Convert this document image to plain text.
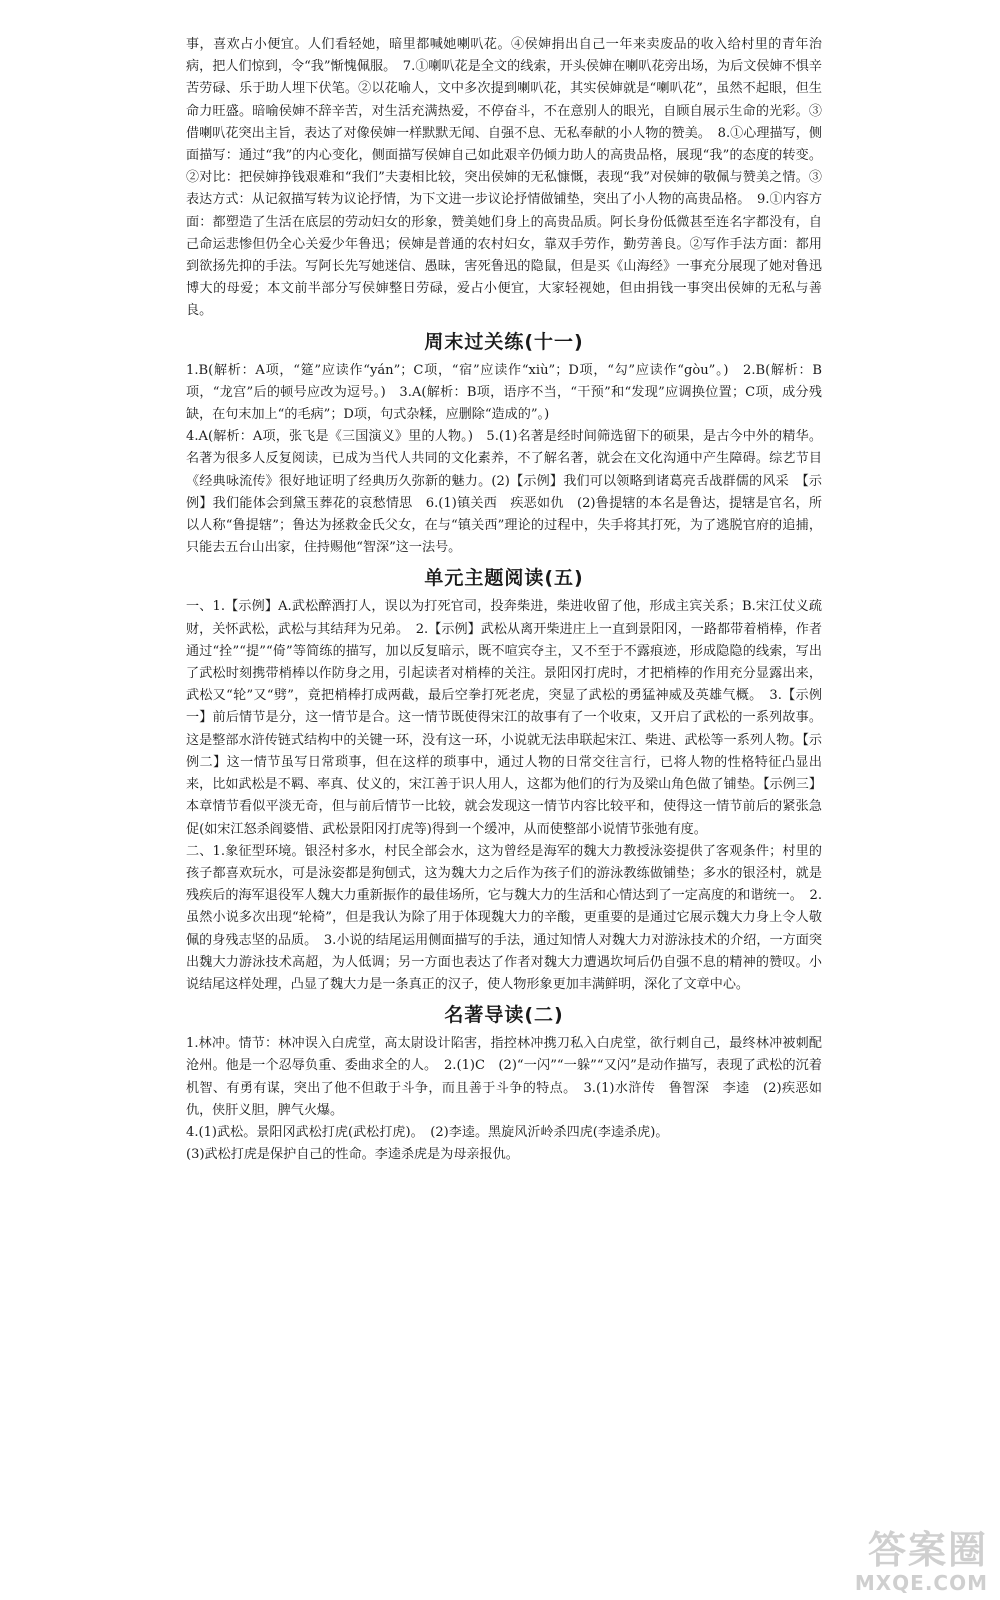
事，喜欢占小便宜。人们看轻她，暗里都喊她喇叭花。④侯婶捐出自己一年来卖废品的收入给村里的青年治病，把人们惊到，令“我”惭愧佩服。　7.①喇叭花是全文的线索，开头侯婶在喇叭花旁出场，为后文侯婶不惧辛苦劳碌、乐于助人埋下伏笔。②以花喻人，文中多次提到喇叭花，其实侯婶就是“喇叭花”，虽然不起眼，但生命力旺盛。暗喻侯婶不辞辛苦，对生活充满热爱，不停奋斗，不在意别人的眼光，自顾自展示生命的光彩。③借喇叭花突出主旨，表达了对像侯婶一样默默无闻、自强不息、无私奉献的小人物的赞美。　8.①心理描写，侧面描写：通过“我”的内心变化，侧面描写侯婶自己如此艰辛仍倾力助人的高贵品格，展现“我”的态度的转变。②对比：把侯婶挣钱艰难和“我们”夫妻相比较，突出侯婶的无私慷慨，表现“我”对侯婶的敬佩与赞美之情。③表达方式：从记叙描写转为议论抒情，为下文进一步议论抒情做铺垫，突出了小人物的高贵品格。　9.①内容方面：都塑造了生活在底层的劳动妇女的形象，赞美她们身上的高贵品质。阿长身份低微甚至连名字都没有，自己命运悲惨但仍全心关爱少年鲁迅；侯婶是普通的农村妇女，靠双手劳作，勤劳善良。②写作手法方面：都用到欲扬先抑的手法。写阿长先写她迷信、愚昧，害死鲁迅的隐鼠，但是买《山海经》一事充分展现了她对鲁迅博大的母爱；本文前半部分写侯婶整日劳碌，爱占小便宜，大家轻视她，但由捐钱一事突出侯婶的无私与善良。

周末过关练(十一)

1.B(解析：A项，“筵”应读作“yán”；C项，“宿”应读作“xiù”；D项，“勾”应读作“gòu”。)　2.B(解析：B项，“龙宫”后的顿号应改为逗号。)　3.A(解析：B项，语序不当，“干预”和“发现”应调换位置；C项，成分残缺，在句末加上“的毛病”；D项，句式杂糅，应删除“造成的”。)

4.A(解析：A项，张飞是《三国演义》里的人物。)　5.(1)名著是经时间筛选留下的硕果，是古今中外的精华。名著为很多人反复阅读，已成为当代人共同的文化素养，不了解名著，就会在文化沟通中产生障碍。综艺节目《经典咏流传》很好地证明了经典历久弥新的魅力。(2)【示例】我们可以领略到诸葛亮舌战群儒的风采　【示例】我们能体会到黛玉葬花的哀愁情思　6.(1)镇关西　疾恶如仇　(2)鲁提辖的本名是鲁达，提辖是官名，所以人称“鲁提辖”；鲁达为拯救金氏父女，在与“镇关西”理论的过程中，失手将其打死，为了逃脱官府的追捕，只能去五台山出家，住持赐他“智深”这一法号。

单元主题阅读(五)

一、1.【示例】A.武松醉酒打人，误以为打死官司，投奔柴进，柴进收留了他，形成主宾关系；B.宋江仗义疏财，关怀武松，武松与其结拜为兄弟。　2.【示例】武松从离开柴进庄上一直到景阳冈，一路都带着梢棒，作者通过“拴”“提”“倚”等简练的描写，加以反复暗示，既不喧宾夺主，又不至于不露痕迹，形成隐隐的线索，写出了武松时刻携带梢棒以作防身之用，引起读者对梢棒的关注。景阳冈打虎时，才把梢棒的作用充分显露出来，武松又“轮”又“劈”，竟把梢棒打成两截，最后空拳打死老虎，突显了武松的勇猛神威及英雄气概。　3.【示例一】前后情节是分，这一情节是合。这一情节既使得宋江的故事有了一个收束，又开启了武松的一系列故事。这是整部水浒传链式结构中的关键一环，没有这一环，小说就无法串联起宋江、柴进、武松等一系列人物。【示例二】这一情节虽写日常琐事，但在这样的琐事中，通过人物的日常交往言行，已将人物的性格特征凸显出来，比如武松是不羁、率真、仗义的，宋江善于识人用人，这都为他们的行为及梁山角色做了铺垫。【示例三】本章情节看似平淡无奇，但与前后情节一比较，就会发现这一情节内容比较平和，使得这一情节前后的紧张急促(如宋江怒杀阎婆惜、武松景阳冈打虎等)得到一个缓冲，从而使整部小说情节张弛有度。

二、1.象征型环境。银泾村多水，村民全部会水，这为曾经是海军的魏大力教授泳姿提供了客观条件；村里的孩子都喜欢玩水，可是泳姿都是狗刨式，这为魏大力之后作为孩子们的游泳教练做铺垫；多水的银泾村，就是残疾后的海军退役军人魏大力重新振作的最佳场所，它与魏大力的生活和心情达到了一定高度的和谐统一。　2.虽然小说多次出现“轮椅”，但是我认为除了用于体现魏大力的辛酸，更重要的是通过它展示魏大力身上令人敬佩的身残志坚的品质。　3.小说的结尾运用侧面描写的手法，通过知情人对魏大力对游泳技术的介绍，一方面突出魏大力游泳技术高超，为人低调；另一方面也表达了作者对魏大力遭遇坎坷后仍自强不息的精神的赞叹。小说结尾这样处理，凸显了魏大力是一条真正的汉子，使人物形象更加丰满鲜明，深化了文章中心。

名著导读(二)

1.林冲。情节：林冲误入白虎堂，高太尉设计陷害，指控林冲携刀私入白虎堂，欲行刺自己，最终林冲被刺配沧州。他是一个忍辱负重、委曲求全的人。　2.(1)C　(2)“一闪”“一躲”“又闪”是动作描写，表现了武松的沉着机智、有勇有谋，突出了他不但敢于斗争，而且善于斗争的特点。　3.(1)水浒传　鲁智深　李逵　(2)疾恶如仇，侠肝义胆，脾气火爆。

4.(1)武松。景阳冈武松打虎(武松打虎)。　(2)李逵。黑旋风沂岭杀四虎(李逵杀虎)。

(3)武松打虎是保护自己的性命。李逵杀虎是为母亲报仇。

答案圈
MXQE.COM
